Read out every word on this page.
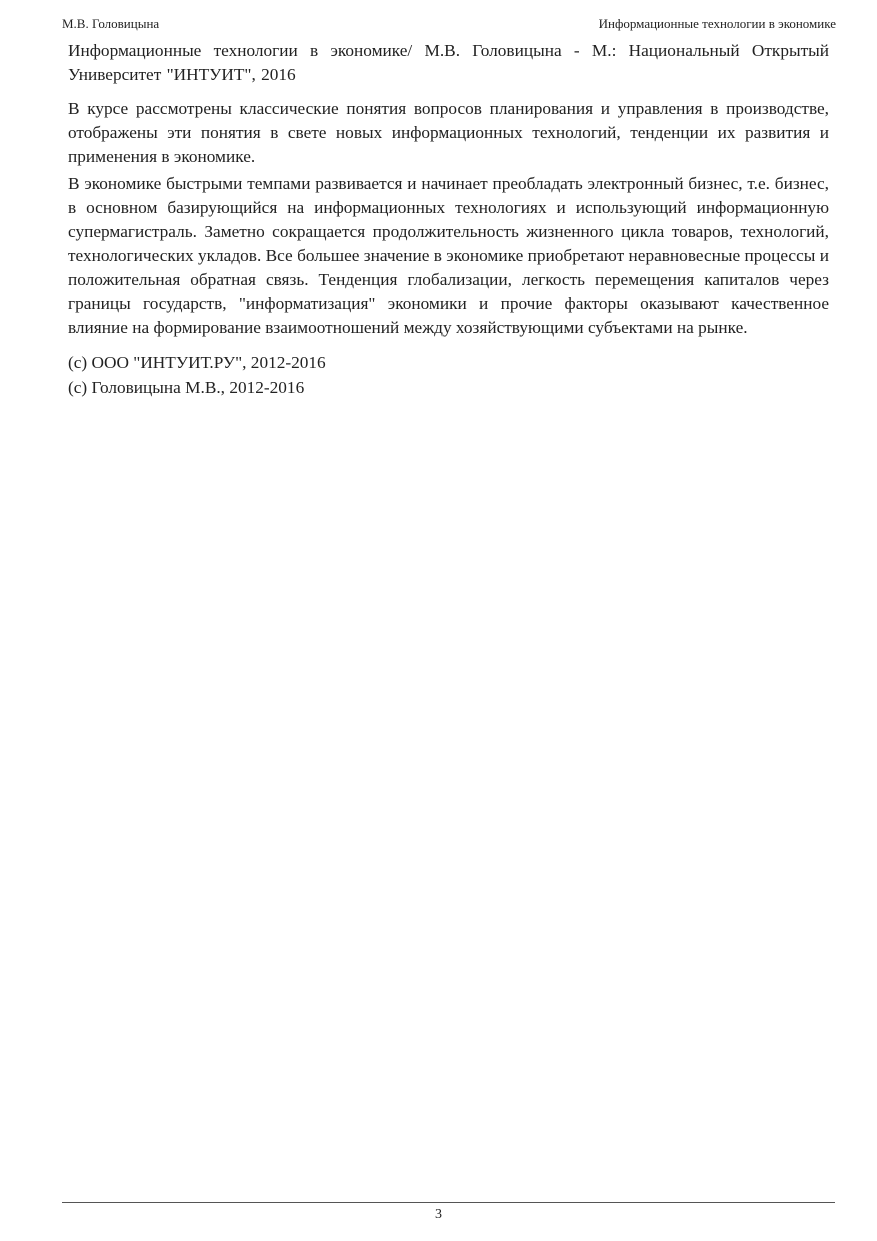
М.В. Головицына	Информационные технологии в экономике

Информационные технологии в экономике/ М.В. Головицына - М.: Национальный Открытый Университет "ИНТУИТ", 2016

В курсе рассмотрены классические понятия вопросов планирования и управления в производстве, отображены эти понятия в свете новых информационных технологий, тенденции их развития и применения в экономике.

В экономике быстрыми темпами развивается и начинает преобладать электронный бизнес, т.е. бизнес, в основном базирующийся на информационных технологиях и использующий информационную супермагистраль. Заметно сокращается продолжительность жизненного цикла товаров, технологий, технологических укладов. Все большее значение в экономике приобретают неравновесные процессы и положительная обратная связь. Тенденция глобализации, легкость перемещения капиталов через границы государств, "информатизация" экономики и прочие факторы оказывают качественное влияние на формирование взаимоотношений между хозяйствующими субъектами на рынке.

(c) ООО "ИНТУИТ.РУ", 2012-2016

(c) Головицына М.В., 2012-2016

3
